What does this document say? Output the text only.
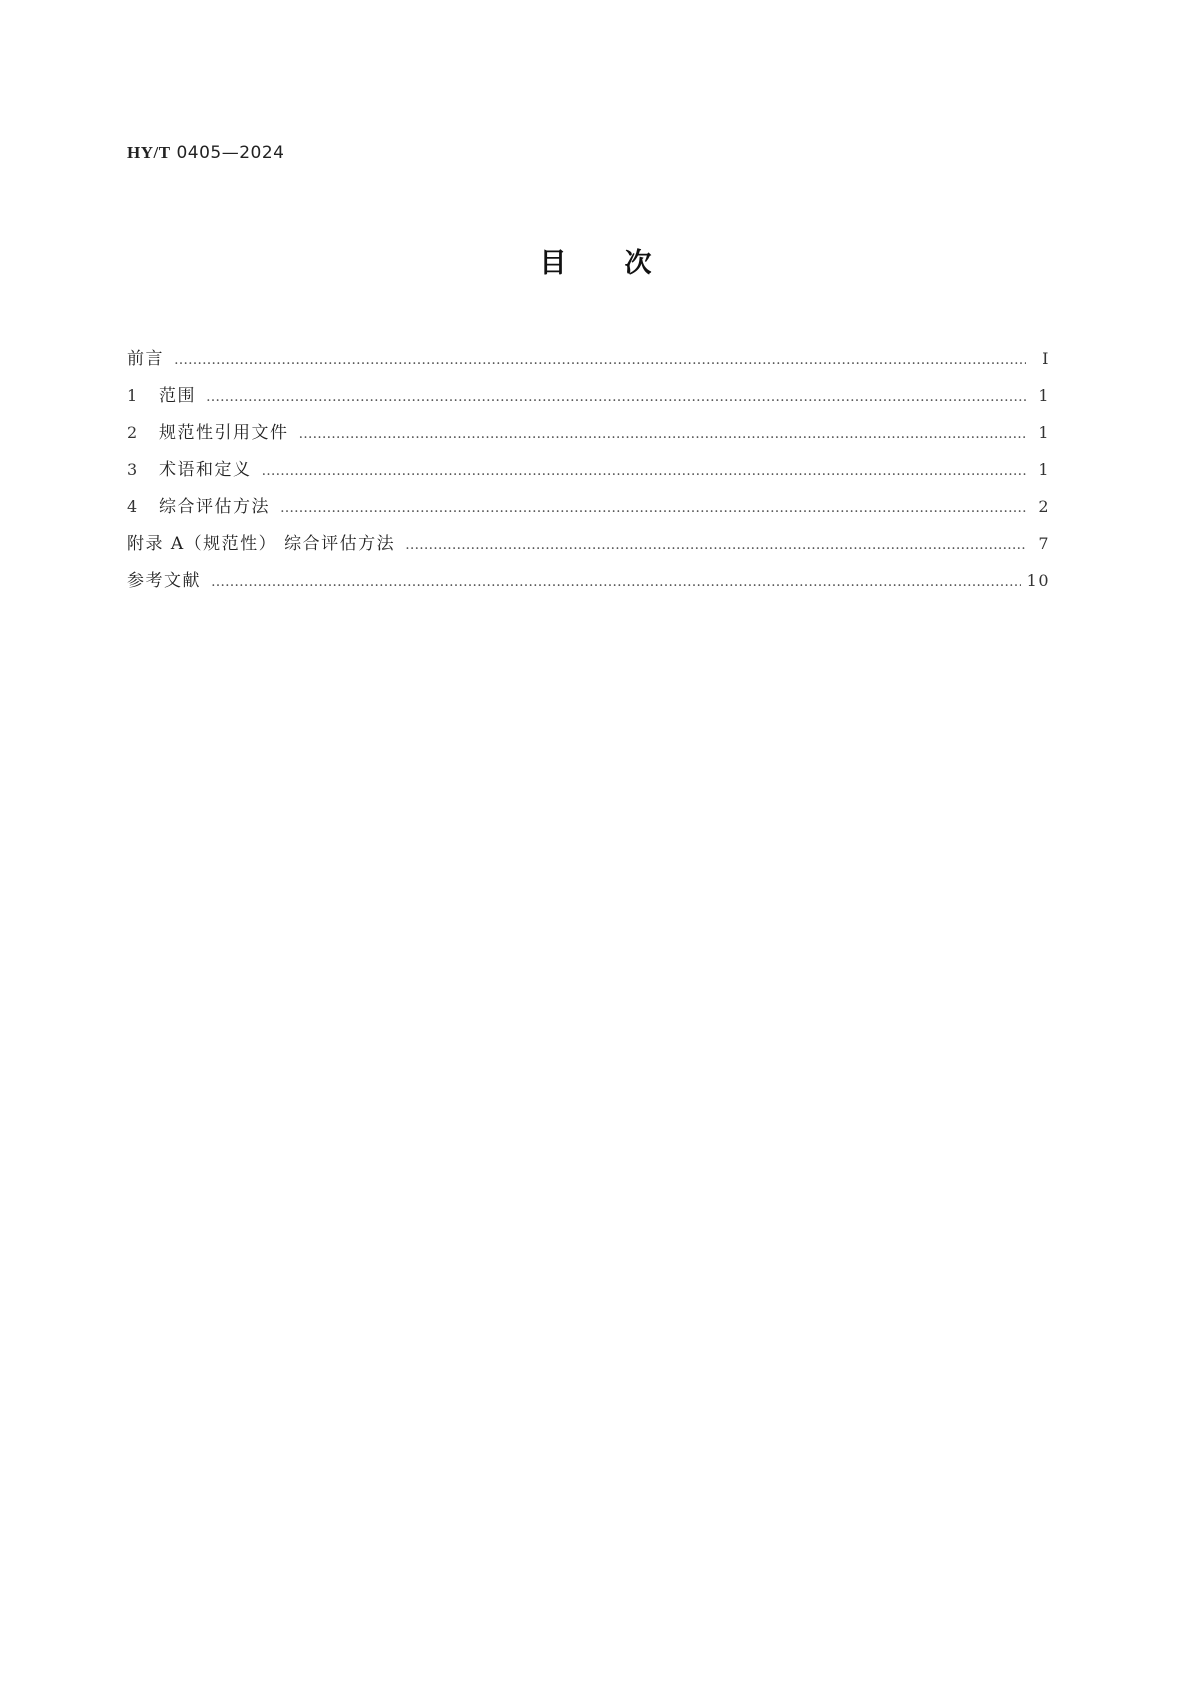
HY/T 0405—2024
目次
前言 ………………………………………………………………………………………………………………………………………………………………………………………………………………	Ⅰ
1	范围 ………………………………………………………………………………………………………………………………………………………………………………………………………………	1
2	规范性引用文件 ………………………………………………………………………………………………………………………………………………………………………………………………………………	1
3	术语和定义 ………………………………………………………………………………………………………………………………………………………………………………………………………………	1
4	综合评估方法 ………………………………………………………………………………………………………………………………………………………………………………………………………………	2
附录 A（规范性） 综合评估方法 ………………………………………………………………………………………………………………………………………………………………………………………………………………	7
参考文献 ………………………………………………………………………………………………………………………………………………………………………………………………………………	10
